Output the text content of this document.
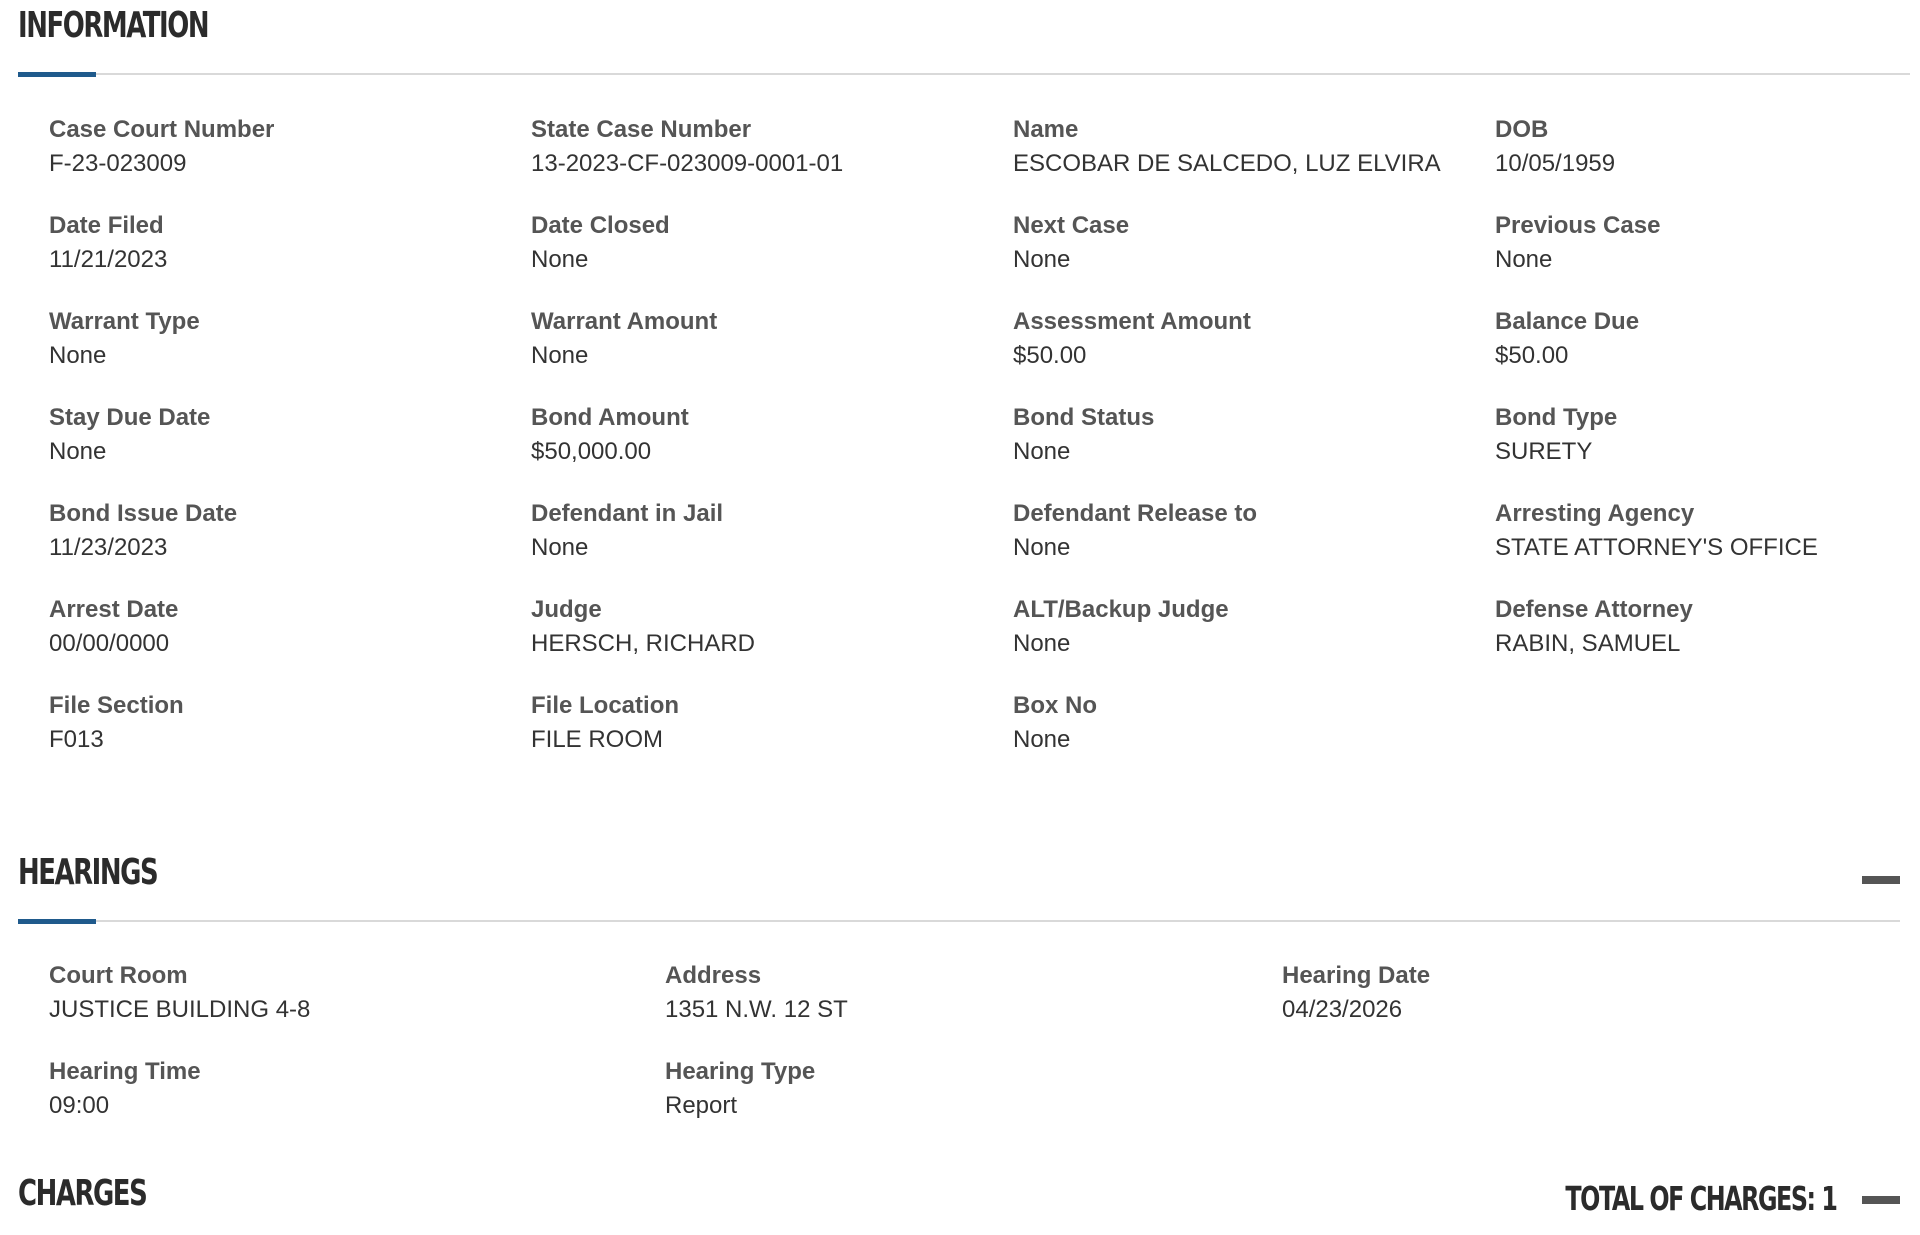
INFORMATION
Case Court Number
F-23-023009
State Case Number
13-2023-CF-023009-0001-01
Name
ESCOBAR DE SALCEDO, LUZ ELVIRA
DOB
10/05/1959
Date Filed
11/21/2023
Date Closed
None
Next Case
None
Previous Case
None
Warrant Type
None
Warrant Amount
None
Assessment Amount
$50.00
Balance Due
$50.00
Stay Due Date
None
Bond Amount
$50,000.00
Bond Status
None
Bond Type
SURETY
Bond Issue Date
11/23/2023
Defendant in Jail
None
Defendant Release to
None
Arresting Agency
STATE ATTORNEY'S OFFICE
Arrest Date
00/00/0000
Judge
HERSCH, RICHARD
ALT/Backup Judge
None
Defense Attorney
RABIN, SAMUEL
File Section
F013
File Location
FILE ROOM
Box No
None
HEARINGS
Court Room
JUSTICE BUILDING 4-8
Address
1351 N.W. 12 ST
Hearing Date
04/23/2026
Hearing Time
09:00
Hearing Type
Report
CHARGES	TOTAL OF CHARGES: 1
